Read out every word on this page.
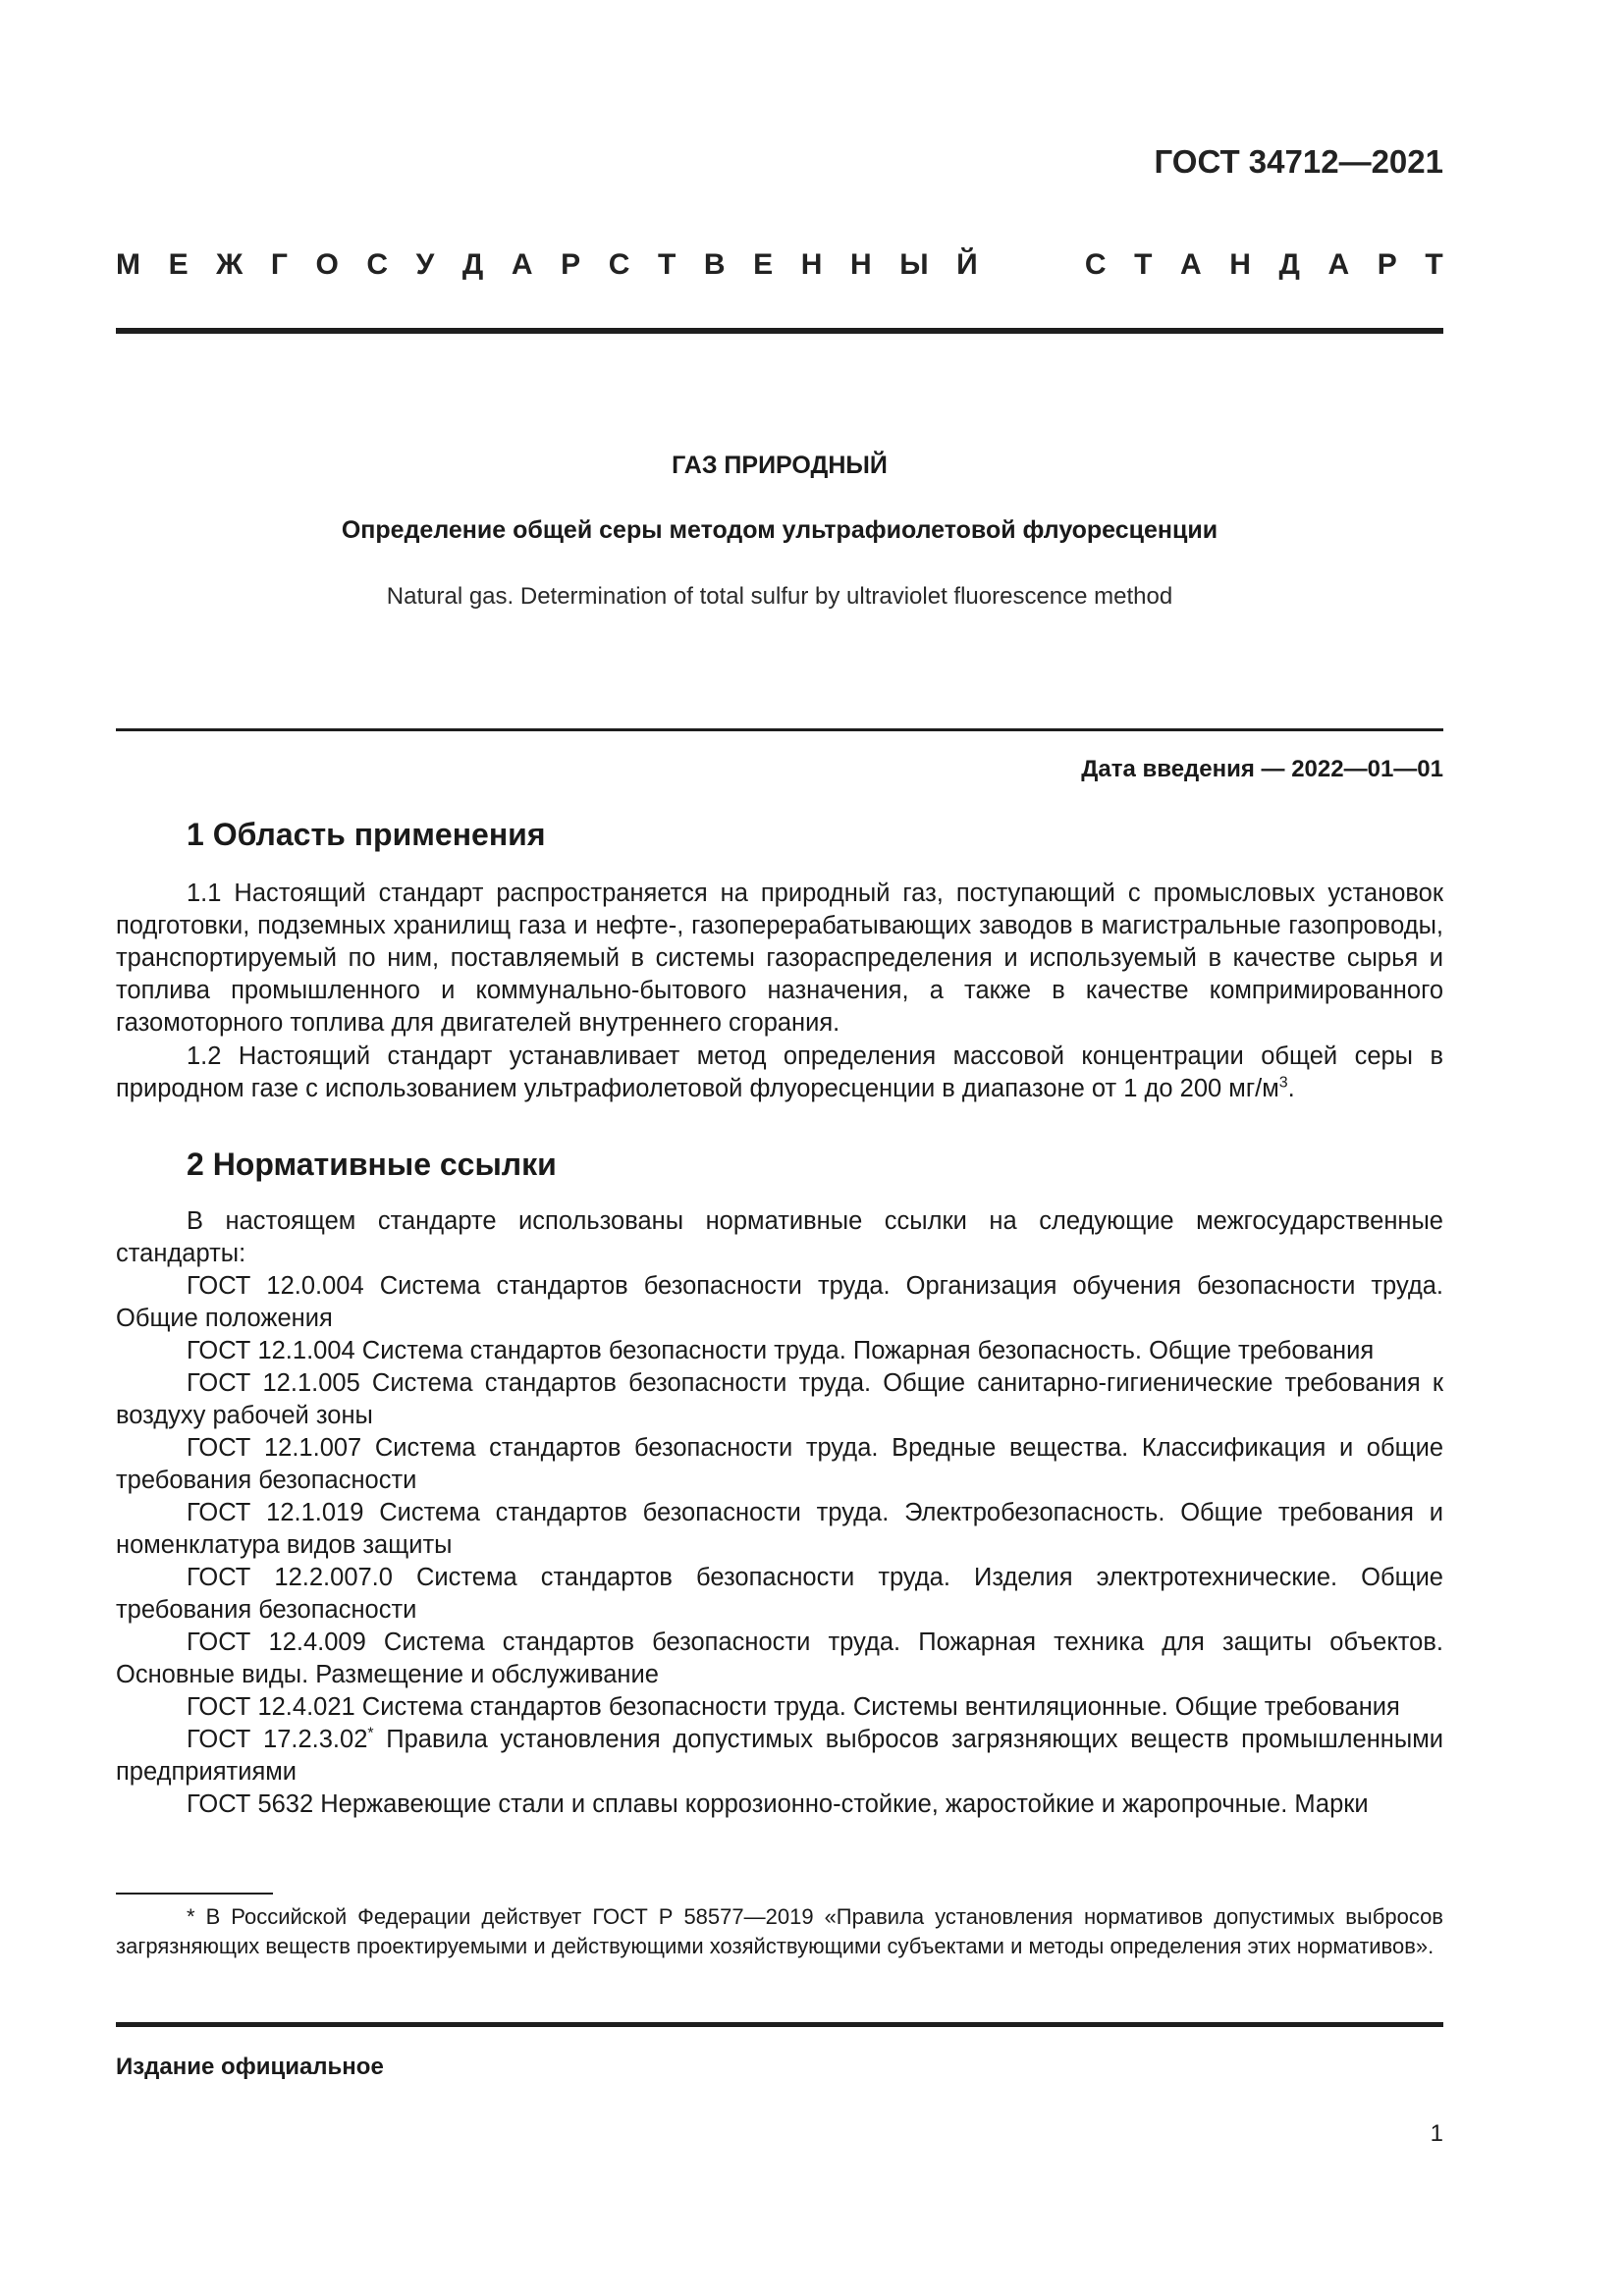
ГОСТ 34712—2021
М Е Ж Г О С У Д А Р С Т В Е Н Н Ы Й	С Т А Н Д А Р Т
ГАЗ ПРИРОДНЫЙ
Определение общей серы методом ультрафиолетовой флуоресценции
Natural gas. Determination of total sulfur by ultraviolet fluorescence method
Дата введения — 2022—01—01
1 Область применения
1.1 Настоящий стандарт распространяется на природный газ, поступающий с промысловых установок подготовки, подземных хранилищ газа и нефте-, газоперерабатывающих заводов в магистральные газопроводы, транспортируемый по ним, поставляемый в системы газораспределения и используемый в качестве сырья и топлива промышленного и коммунально-бытового назначения, а также в качестве компримированного газомоторного топлива для двигателей внутреннего сгорания.
1.2 Настоящий стандарт устанавливает метод определения массовой концентрации общей серы в природном газе с использованием ультрафиолетовой флуоресценции в диапазоне от 1 до 200 $мг/м^3$.
2 Нормативные ссылки
В настоящем стандарте использованы нормативные ссылки на следующие межгосударственные стандарты:
ГОСТ 12.0.004 Система стандартов безопасности труда. Организация обучения безопасности труда. Общие положения
ГОСТ 12.1.004 Система стандартов безопасности труда. Пожарная безопасность. Общие требования
ГОСТ 12.1.005 Система стандартов безопасности труда. Общие санитарно-гигиенические требования к воздуху рабочей зоны
ГОСТ 12.1.007 Система стандартов безопасности труда. Вредные вещества. Классификация и общие требования безопасности
ГОСТ 12.1.019 Система стандартов безопасности труда. Электробезопасность. Общие требования и номенклатура видов защиты
ГОСТ 12.2.007.0 Система стандартов безопасности труда. Изделия электротехнические. Общие требования безопасности
ГОСТ 12.4.009 Система стандартов безопасности труда. Пожарная техника для защиты объектов. Основные виды. Размещение и обслуживание
ГОСТ 12.4.021 Система стандартов безопасности труда. Системы вентиляционные. Общие требования
ГОСТ 17.2.3.02* Правила установления допустимых выбросов загрязняющих веществ промышленными предприятиями
ГОСТ 5632 Нержавеющие стали и сплавы коррозионно-стойкие, жаростойкие и жаропрочные. Марки
* В Российской Федерации действует ГОСТ Р 58577—2019 «Правила установления нормативов допустимых выбросов загрязняющих веществ проектируемыми и действующими хозяйствующими субъектами и методы определения этих нормативов».
Издание официальное
1
